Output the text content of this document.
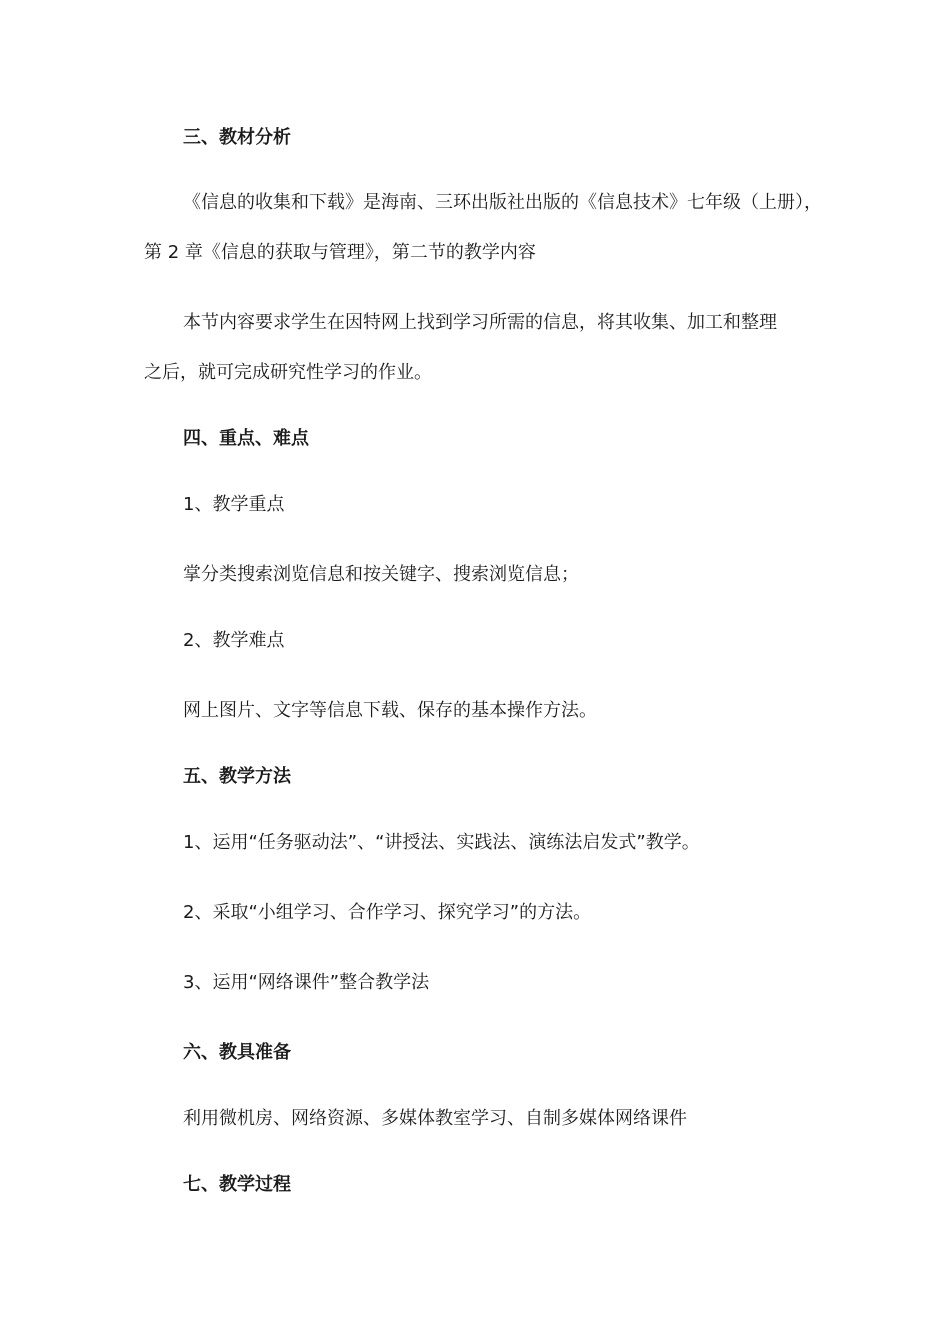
三、教材分析
《信息的收集和下载》是海南、三环出版社出版的《信息技术》七年级（上册），
第 2 章《信息的获取与管理》，第二节的教学内容
本节内容要求学生在因特网上找到学习所需的信息，将其收集、加工和整理
之后，就可完成研究性学习的作业。
四、重点、难点
1、教学重点
掌分类搜索浏览信息和按关键字、搜索浏览信息；
2、教学难点
网上图片、文字等信息下载、保存的基本操作方法。
五、教学方法
1、运用“任务驱动法”、“讲授法、实践法、演练法启发式”教学。
2、采取“小组学习、合作学习、探究学习”的方法。
3、运用“网络课件”整合教学法
六、教具准备
利用微机房、网络资源、多媒体教室学习、自制多媒体网络课件
七、教学过程
